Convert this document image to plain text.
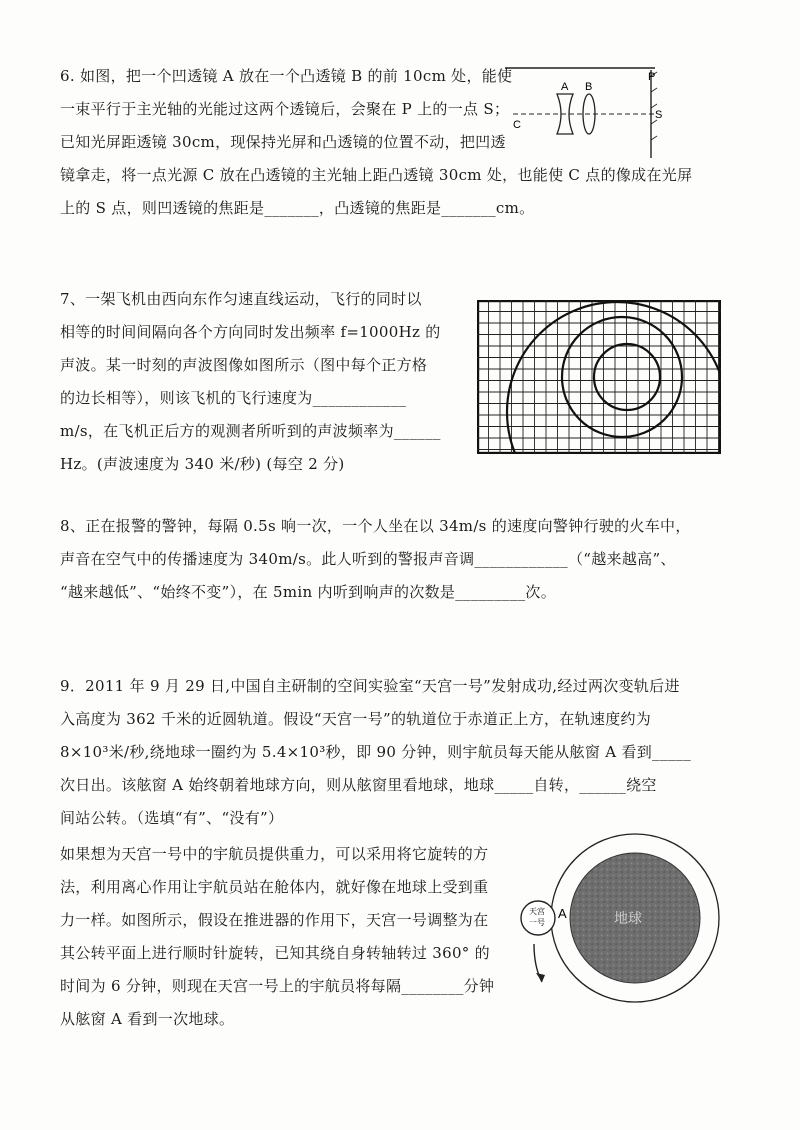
6. 如图，把一个凹透镜 A 放在一个凸透镜 B 的前 10cm 处，能使
一束平行于主光轴的光能过这两个透镜后，会聚在 P 上的一点 S；
已知光屏距透镜 30cm，现保持光屏和凸透镜的位置不动，把凹透
镜拿走，将一点光源 C 放在凸透镜的主光轴上距凸透镜 30cm 处，也能使 C 点的像成在光屏
上的 S 点，则凹透镜的焦距是_______，凸透镜的焦距是_______cm。
A B
C
P
S
7、一架飞机由西向东作匀速直线运动，飞行的同时以
相等的时间间隔向各个方向同时发出频率 f=1000Hz 的
声波。某一时刻的声波图像如图所示（图中每个正方格
的边长相等），则该飞机的飞行速度为____________
m/s，在飞机正后方的观测者所听到的声波频率为______
Hz。(声波速度为 340 米/秒) (每空 2 分)
8、正在报警的警钟，每隔 0.5s 响一次，一个人坐在以 34m/s 的速度向警钟行驶的火车中，
声音在空气中的传播速度为 340m/s。此人听到的警报声音调____________（“越来越高”、
“越来越低”、“始终不变”），在 5min 内听到响声的次数是_________次。
9．2011 年 9 月 29 日,中国自主研制的空间实验室“天宫一号”发射成功,经过两次变轨后进
入高度为 362 千米的近圆轨道。假设“天宫一号”的轨道位于赤道正上方，在轨速度约为
8×10³米/秒,绕地球一圈约为 5.4×10³秒，即 90 分钟，则宇航员每天能从舷窗 A 看到_____
次日出。该舷窗 A 始终朝着地球方向，则从舷窗里看地球，地球_____自转，______绕空
间站公转。（选填“有”、“没有”）
如果想为天宫一号中的宇航员提供重力，可以采用将它旋转的方
法，利用离心作用让宇航员站在舱体内，就好像在地球上受到重
力一样。如图所示，假设在推进器的作用下，天宫一号调整为在
其公转平面上进行顺时针旋转，已知其绕自身转轴转过 360° 的
时间为 6 分钟，则现在天宫一号上的宇航员将每隔________分钟
从舷窗 A 看到一次地球。
地球
天宫
一号
A
